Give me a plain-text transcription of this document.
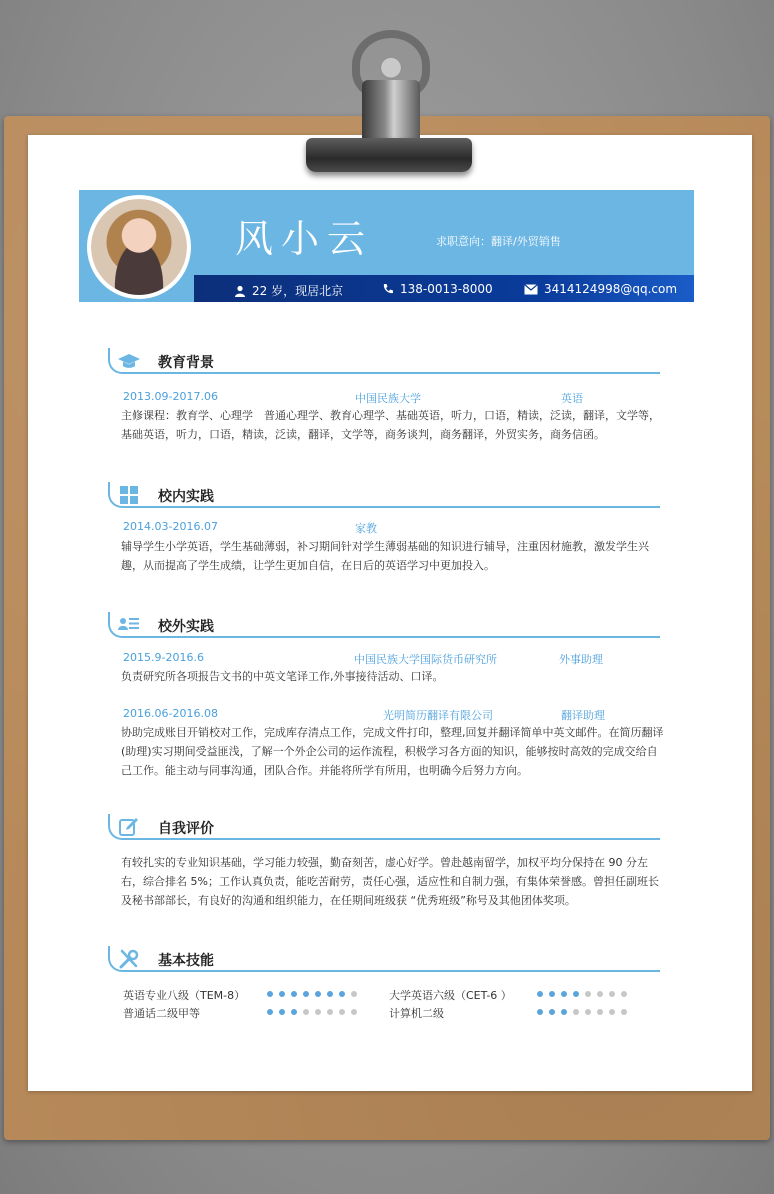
风小云	求职意向：翻译/外贸销售
22 岁，现居北京	138-0013-8000	3414124998@qq.com
教育背景
2013.09-2017.06	中国民族大学	英语
主修课程：教育学、心理学　普通心理学、教育心理学、基础英语，听力，口语，精读，泛读，翻译，文学等，基础英语，听力，口语，精读，泛读，翻译，文学等，商务谈判，商务翻译，外贸实务，商务信函。
校内实践
2014.03-2016.07	家教
辅导学生小学英语，学生基础薄弱，补习期间针对学生薄弱基础的知识进行辅导，注重因材施教，激发学生兴趣，从而提高了学生成绩，让学生更加自信，在日后的英语学习中更加投入。
校外实践
2015.9-2016.6	中国民族大学国际货币研究所	外事助理
负责研究所各项报告文书的中英文笔译工作,外事接待活动、口译。
2016.06-2016.08	光明简历翻译有限公司	翻译助理
协助完成账目开销校对工作，完成库存清点工作，完成文件打印，整理,回复并翻译简单中英文邮件。在简历翻译(助理)实习期间受益匪浅，了解一个外企公司的运作流程，积极学习各方面的知识，能够按时高效的完成交给自己工作。能主动与同事沟通，团队合作。并能将所学有所用，也明确今后努力方向。
自我评价
有较扎实的专业知识基础，学习能力较强，勤奋刻苦，虚心好学。曾赴越南留学，加权平均分保持在 90 分左右，综合排名 5%；工作认真负责，能吃苦耐劳，责任心强，适应性和自制力强，有集体荣誉感。曾担任副班长及秘书部部长，有良好的沟通和组织能力，在任期间班级获 “优秀班级”称号及其他团体奖项。
基本技能
英语专业八级（TEM-8）	大学英语六级（CET-6 ）
普通话二级甲等	计算机二级
